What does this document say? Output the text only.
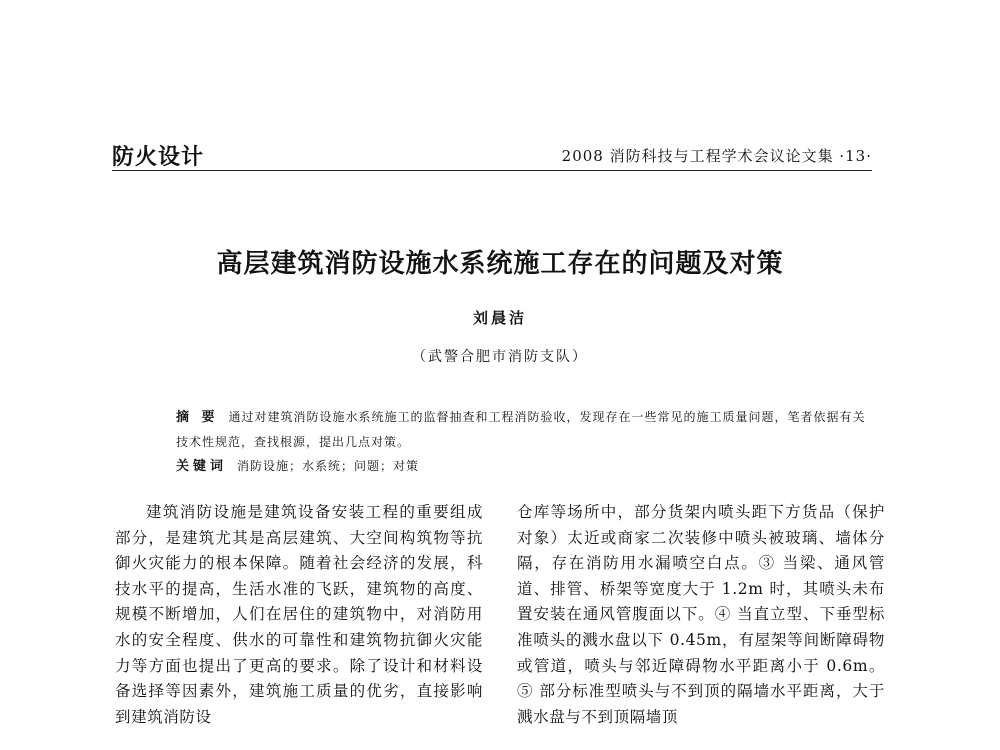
防火设计	2008 消防科技与工程学术会议论文集 ·13·
高层建筑消防设施水系统施工存在的问题及对策
刘晨洁
（武警合肥市消防支队）
摘 要 通过对建筑消防设施水系统施工的监督抽查和工程消防验收，发现存在一些常见的施工质量问题，笔者依据有关技术性规范，查找根源，提出几点对策。
关键词 消防设施；水系统；问题；对策

建筑消防设施是建筑设备安装工程的重要组成部分，是建筑尤其是高层建筑、大空间构筑物等抗御火灾能力的根本保障。随着社会经济的发展，科技水平的提高，生活水准的飞跃，建筑物的高度、规模不断增加，人们在居住的建筑物中，对消防用水的安全程度、供水的可靠性和建筑物抗御火灾能力等方面也提出了更高的要求。除了设计和材料设备选择等因素外，建筑施工质量的优劣，直接影响到建筑消防设

仓库等场所中，部分货架内喷头距下方货品（保护对象）太近或商家二次装修中喷头被玻璃、墙体分隔，存在消防用水漏喷空白点。③ 当梁、通风管道、排管、桥架等宽度大于 1.2m 时，其喷头未布置安装在通风管腹面以下。④ 当直立型、下垂型标准喷头的溅水盘以下 0.45m，有屋架等间断障碍物或管道，喷头与邻近障碍物水平距离小于 0.6m。⑤ 部分标准型喷头与不到顶的隔墙水平距离，大于溅水盘与不到顶隔墙顶
